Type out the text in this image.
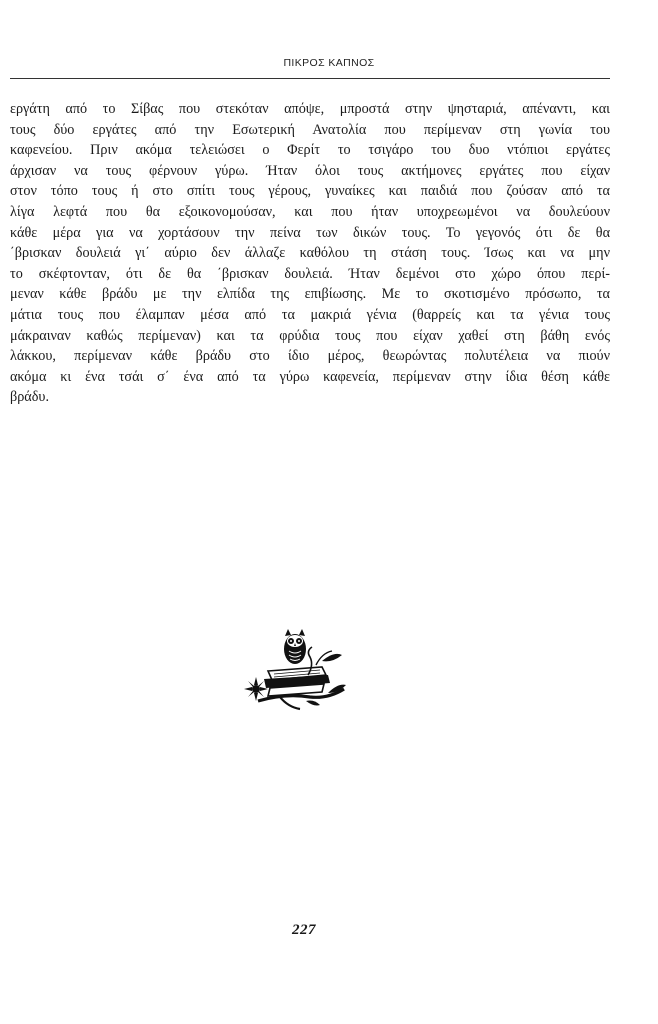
ΠΙΚΡΟΣ ΚΑΠΝΟΣ
εργάτη από το Σίβας που στεκόταν απόψε, μπροστά στην ψησταριά, απέναντι, και
τους δύο εργάτες από την Εσωτερική Ανατολία που περίμεναν στη γωνία του
καφενείου. Πριν ακόμα τελειώσει ο Φερίτ το τσιγάρο του δυο ντόπιοι εργάτες
άρχισαν να τους φέρνουν γύρω. Ήταν όλοι τους ακτήμονες εργάτες που είχαν
στον τόπο τους ή στο σπίτι τους γέρους, γυναίκες και παιδιά που ζούσαν από τα
λίγα λεφτά που θα εξοικονομούσαν, και που ήταν υποχρεωμένοι να δουλεύουν
κάθε μέρα για να χορτάσουν την πείνα των δικών τους. Το γεγονός ότι δε θα
΄βρισκαν δουλειά γι΄ αύριο δεν άλλαζε καθόλου τη στάση τους. Ίσως και να μην
το σκέφτονταν, ότι δε θα ΄βρισκαν δουλειά. Ήταν δεμένοι στο χώρο όπου περί-
μεναν κάθε βράδυ με την ελπίδα της επιβίωσης. Με το σκοτισμένο πρόσωπο, τα
μάτια τους που έλαμπαν μέσα από τα μακριά γένια (θαρρείς και τα γένια τους
μάκραιναν καθώς περίμεναν) και τα φρύδια τους που είχαν χαθεί στη βάθη ενός
λάκκου, περίμεναν κάθε βράδυ στο ίδιο μέρος, θεωρώντας πολυτέλεια να πιούν
ακόμα κι ένα τσάι σ΄ ένα από τα γύρω καφενεία, περίμεναν στην ίδια θέση κάθε
βράδυ.
227
